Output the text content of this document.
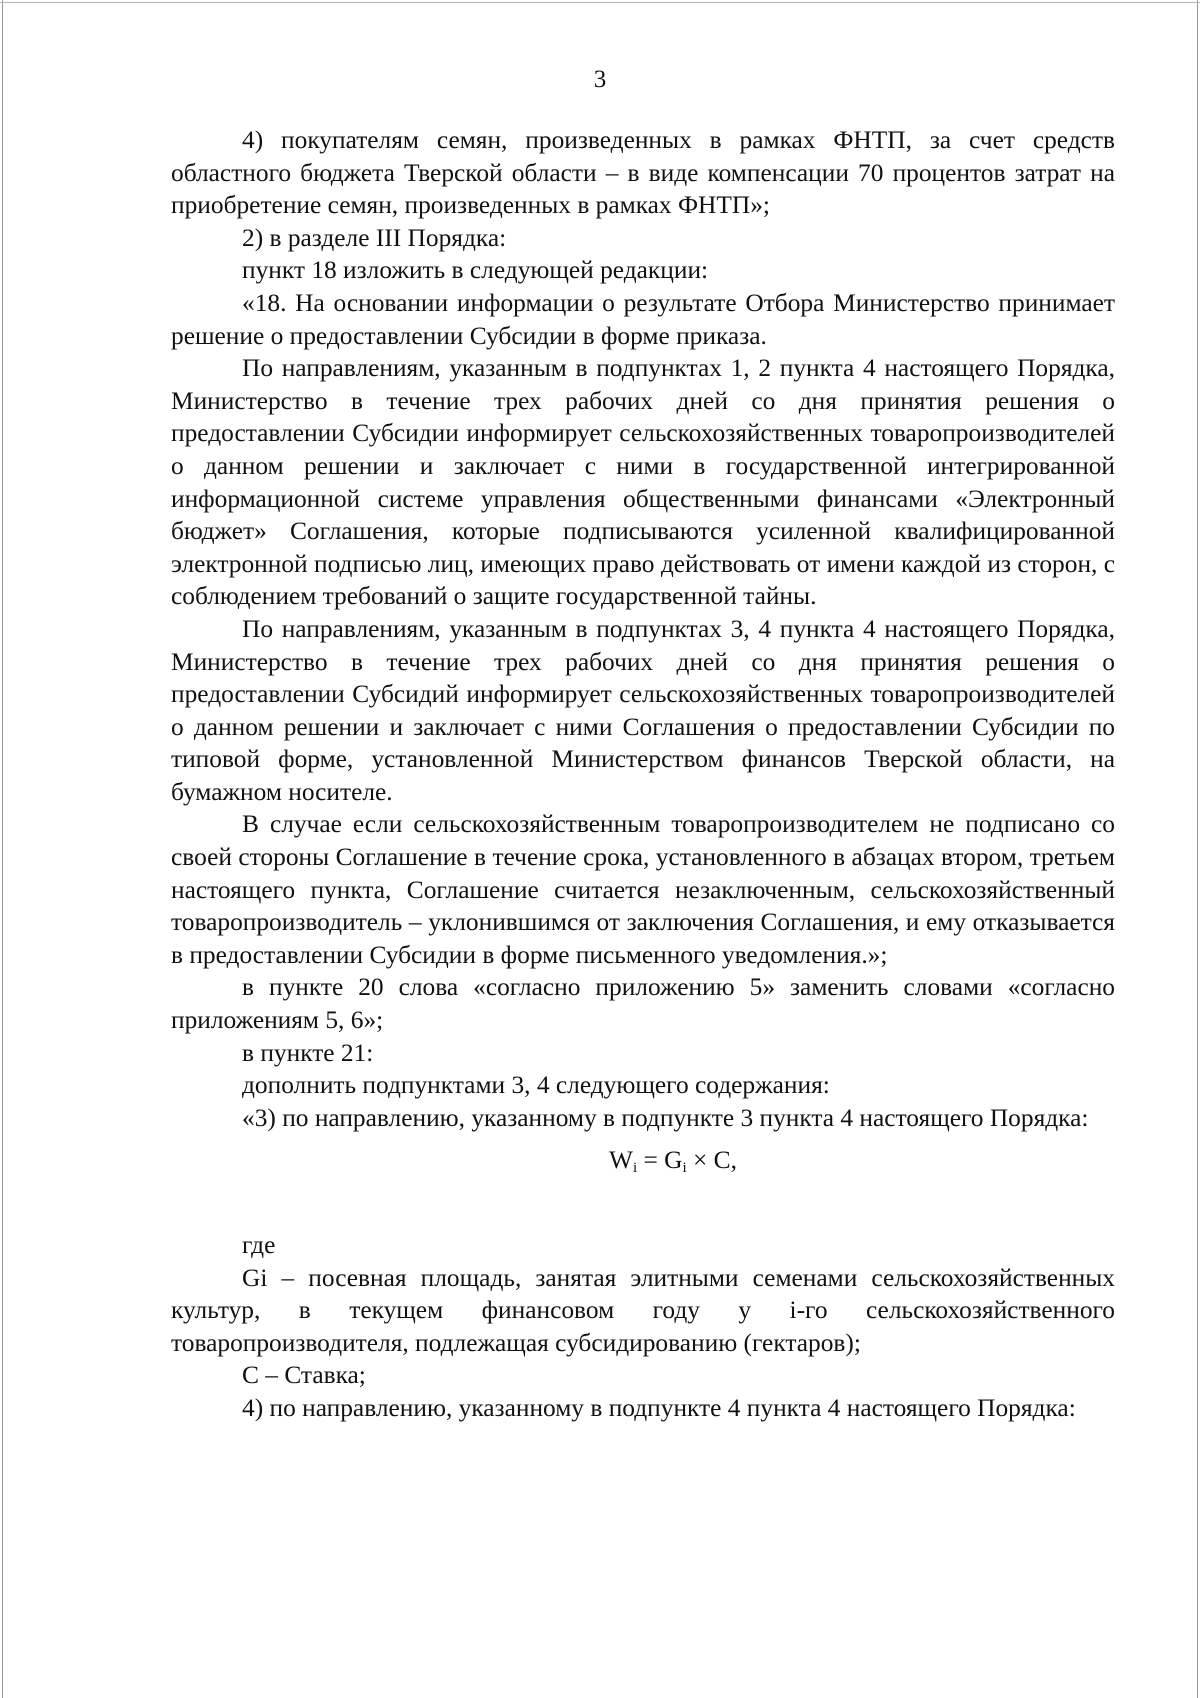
3

4) покупателям семян, произведенных в рамках ФНТП, за счет средств областного бюджета Тверской области – в виде компенсации 70 процентов затрат на приобретение семян, произведенных в рамках ФНТП»;

2) в разделе III Порядка:

пункт 18 изложить в следующей редакции:

«18. На основании информации о результате Отбора Министерство принимает решение о предоставлении Субсидии в форме приказа.

По направлениям, указанным в подпунктах 1, 2 пункта 4 настоящего Порядка, Министерство в течение трех рабочих дней со дня принятия решения о предоставлении Субсидии информирует сельскохозяйственных товаропроизводителей о данном решении и заключает с ними в государственной интегрированной информационной системе управления общественными финансами «Электронный бюджет» Соглашения, которые подписываются усиленной квалифицированной электронной подписью лиц, имеющих право действовать от имени каждой из сторон, с соблюдением требований о защите государственной тайны.

По направлениям, указанным в подпунктах 3, 4 пункта 4 настоящего Порядка, Министерство в течение трех рабочих дней со дня принятия решения о предоставлении Субсидий информирует сельскохозяйственных товаропроизводителей о данном решении и заключает с ними Соглашения о предоставлении Субсидии по типовой форме, установленной Министерством финансов Тверской области, на бумажном носителе.

В случае если сельскохозяйственным товаропроизводителем не подписано со своей стороны Соглашение в течение срока, установленного в абзацах втором, третьем настоящего пункта, Соглашение считается незаключенным, сельскохозяйственный товаропроизводитель – уклонившимся от заключения Соглашения, и ему отказывается в предоставлении Субсидии в форме письменного уведомления.»;

в пункте 20 слова «согласно приложению 5» заменить словами «согласно приложениям 5, 6»;

в пункте 21:

дополнить подпунктами 3, 4 следующего содержания:

«3) по направлению, указанному в подпункте 3 пункта 4 настоящего Порядка:

$W_i = G_i \times C$,

где

Gi – посевная площадь, занятая элитными семенами сельскохозяйственных культур, в текущем финансовом году у i-го сельскохозяйственного товаропроизводителя, подлежащая субсидированию (гектаров);

C – Ставка;

4) по направлению, указанному в подпункте 4 пункта 4 настоящего Порядка:
